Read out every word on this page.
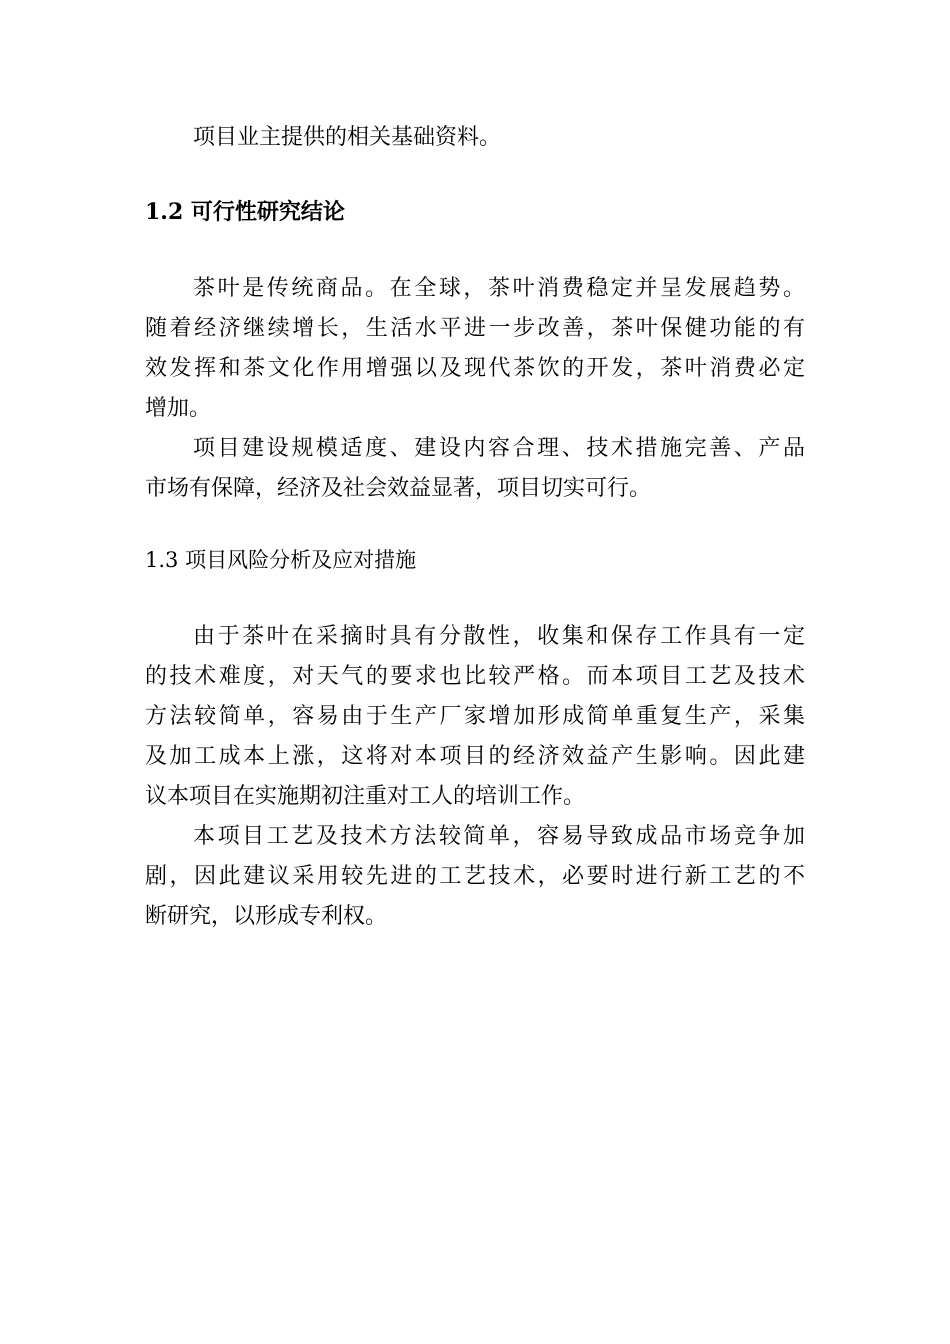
项目业主提供的相关基础资料。
1.2 可行性研究结论
茶叶是传统商品。在全球，茶叶消费稳定并呈发展趋势。
随着经济继续增长，生活水平进一步改善，茶叶保健功能的有
效发挥和茶文化作用增强以及现代茶饮的开发，茶叶消费必定
增加。
项目建设规模适度、建设内容合理、技术措施完善、产品
市场有保障，经济及社会效益显著，项目切实可行。
1.3 项目风险分析及应对措施
由于茶叶在采摘时具有分散性，收集和保存工作具有一定
的技术难度，对天气的要求也比较严格。而本项目工艺及技术
方法较简单，容易由于生产厂家增加形成简单重复生产，采集
及加工成本上涨，这将对本项目的经济效益产生影响。因此建
议本项目在实施期初注重对工人的培训工作。
本项目工艺及技术方法较简单，容易导致成品市场竞争加
剧，因此建议采用较先进的工艺技术，必要时进行新工艺的不
断研究，以形成专利权。
